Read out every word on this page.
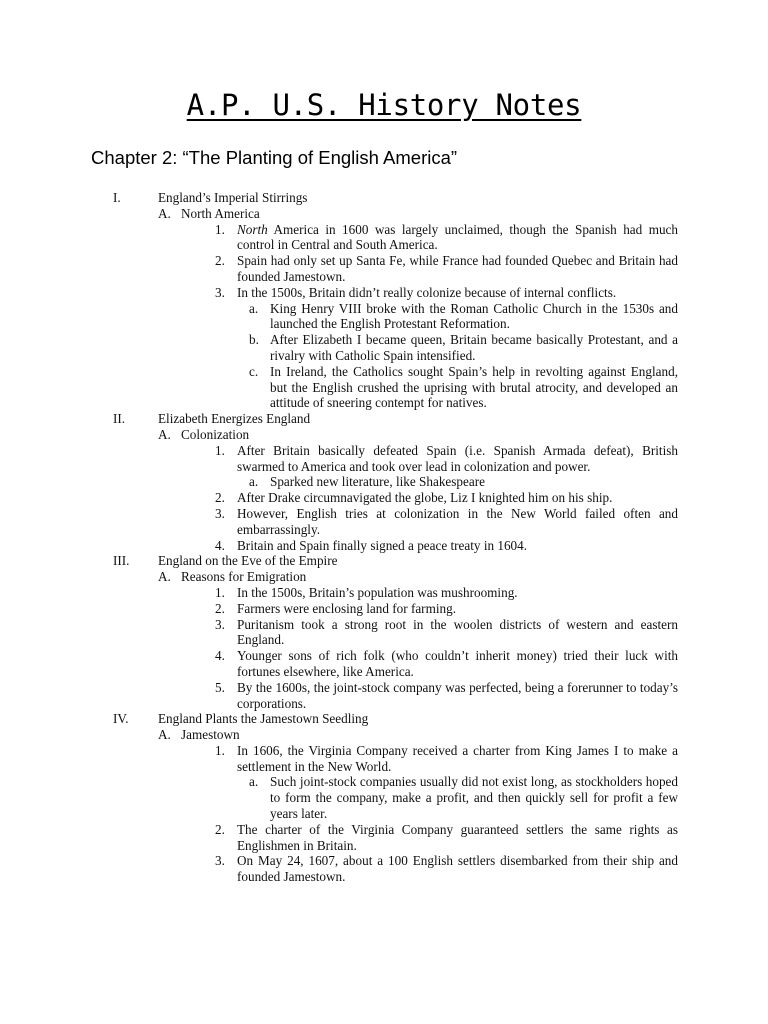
A.P. U.S. History Notes
Chapter 2: “The Planting of English America”
I.	England’s Imperial Stirrings
A. North America
1. North America in 1600 was largely unclaimed, though the Spanish had much control in Central and South America.
2. Spain had only set up Santa Fe, while France had founded Quebec and Britain had founded Jamestown.
3. In the 1500s, Britain didn’t really colonize because of internal conflicts.
a. King Henry VIII broke with the Roman Catholic Church in the 1530s and launched the English Protestant Reformation.
b. After Elizabeth I became queen, Britain became basically Protestant, and a rivalry with Catholic Spain intensified.
c. In Ireland, the Catholics sought Spain’s help in revolting against England, but the English crushed the uprising with brutal atrocity, and developed an attitude of sneering contempt for natives.
II. Elizabeth Energizes England
A. Colonization
1. After Britain basically defeated Spain (i.e. Spanish Armada defeat), British swarmed to America and took over lead in colonization and power.
a. Sparked new literature, like Shakespeare
2. After Drake circumnavigated the globe, Liz I knighted him on his ship.
3. However, English tries at colonization in the New World failed often and embarrassingly.
4. Britain and Spain finally signed a peace treaty in 1604.
III. England on the Eve of the Empire
A. Reasons for Emigration
1. In the 1500s, Britain’s population was mushrooming.
2. Farmers were enclosing land for farming.
3. Puritanism took a strong root in the woolen districts of western and eastern England.
4. Younger sons of rich folk (who couldn’t inherit money) tried their luck with fortunes elsewhere, like America.
5. By the 1600s, the joint-stock company was perfected, being a forerunner to today’s corporations.
IV. England Plants the Jamestown Seedling
A. Jamestown
1. In 1606, the Virginia Company received a charter from King James I to make a settlement in the New World.
a. Such joint-stock companies usually did not exist long, as stockholders hoped to form the company, make a profit, and then quickly sell for profit a few years later.
2. The charter of the Virginia Company guaranteed settlers the same rights as Englishmen in Britain.
3. On May 24, 1607, about a 100 English settlers disembarked from their ship and founded Jamestown.
